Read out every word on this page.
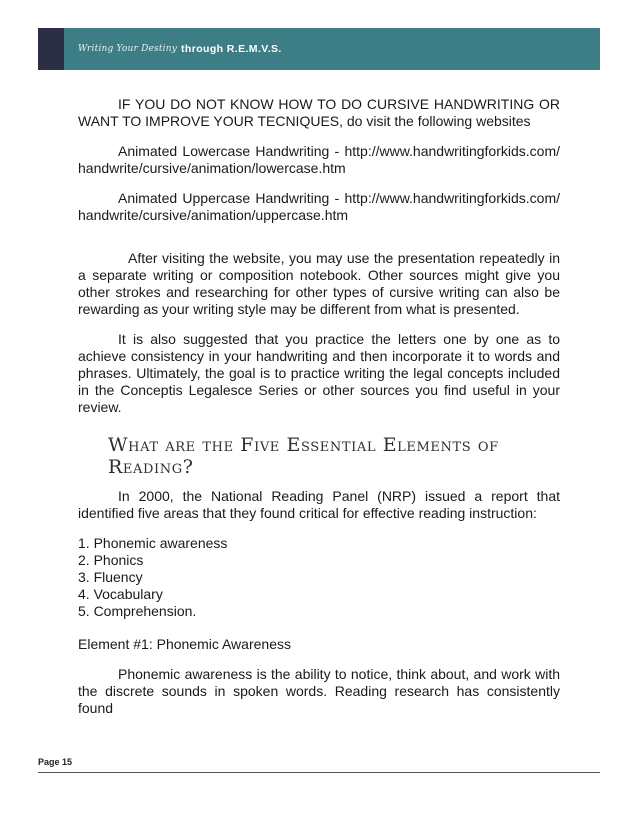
Writing Your Destiny through R.E.M.V.S.

IF YOU DO NOT KNOW HOW TO DO CURSIVE HANDWRITING OR WANT TO IMPROVE YOUR TECNIQUES, do visit the following websites

Animated Lowercase Handwriting - http://www.handwritingforkids.com/ handwrite/cursive/animation/lowercase.htm

Animated Uppercase Handwriting - http://www.handwritingforkids.com/ handwrite/cursive/animation/uppercase.htm

After visiting the website, you may use the presentation repeatedly in a separate writing or composition notebook. Other sources might give you other strokes and researching for other types of cursive writing can also be rewarding as your writing style may be different from what is presented.

It is also suggested that you practice the letters one by one as to achieve consistency in your handwriting and then incorporate it to words and phrases. Ultimately, the goal is to practice writing the legal concepts included in the Conceptis Legalesce Series or other sources you find useful in your review.

What are the Five Essential Elements of Reading?

In 2000, the National Reading Panel (NRP) issued a report that identified five areas that they found critical for effective reading instruction:

1. Phonemic awareness
2. Phonics
3. Fluency
4. Vocabulary
5. Comprehension.

Element #1: Phonemic Awareness

Phonemic awareness is the ability to notice, think about, and work with the discrete sounds in spoken words. Reading research has consistently found

Page 15
